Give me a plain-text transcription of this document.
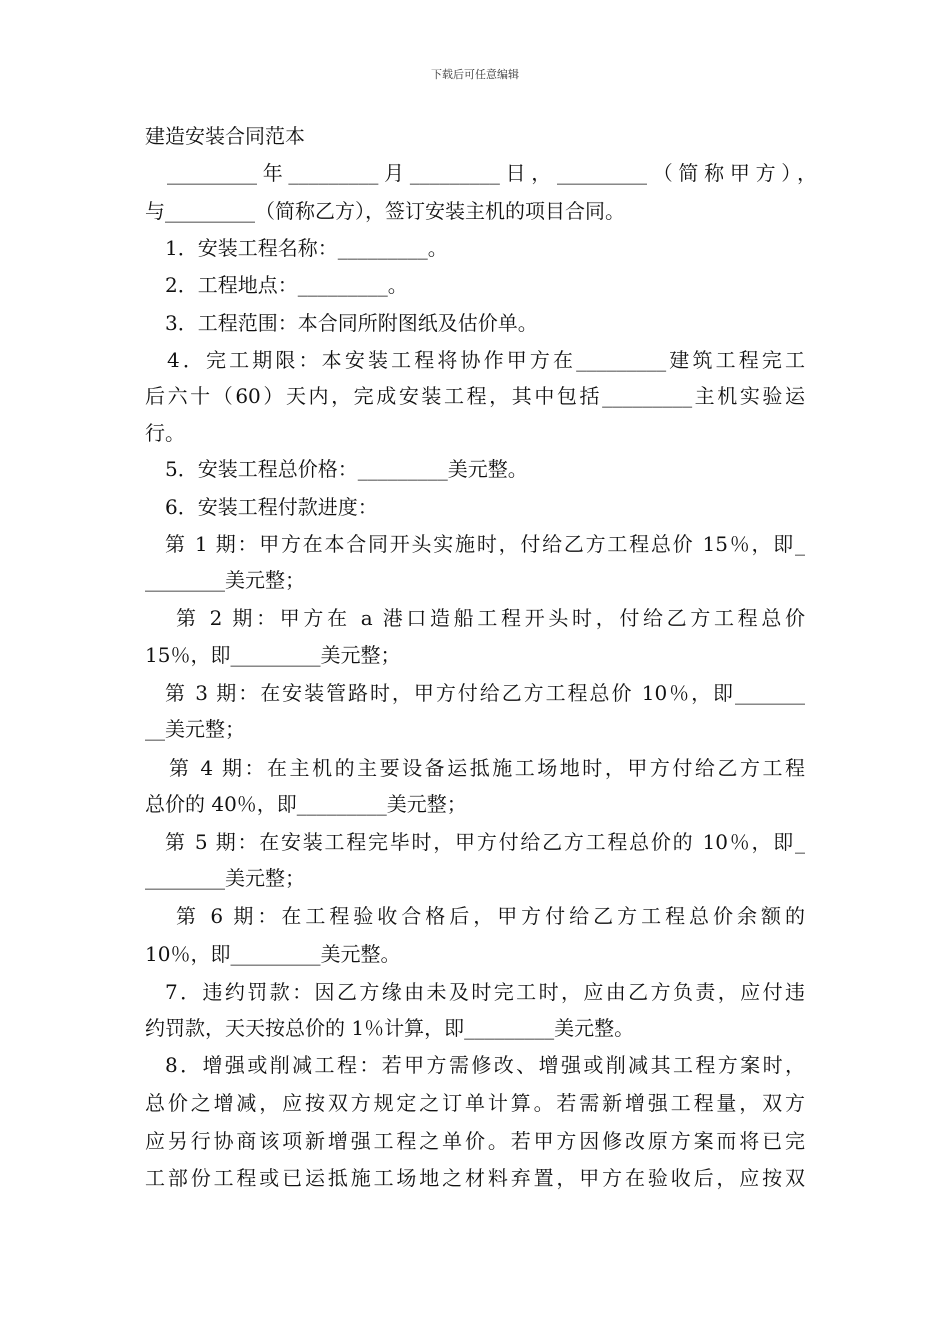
下载后可任意编辑
建造安装合同范本
_________年_________月_________日，_________（简称甲方），
与_________（简称乙方），签订安装主机的项目合同。
1．安装工程名称：_________。
2．工程地点：_________。
3．工程范围：本合同所附图纸及估价单。
4．完工期限：本安装工程将协作甲方在_________建筑工程完工
后六十（60）天内，完成安装工程，其中包括_________主机实验运
行。
5．安装工程总价格：_________美元整。
6．安装工程付款进度：
第 1 期：甲方在本合同开头实施时，付给乙方工程总价 15％，即_
________美元整；
第 2 期：甲方在 a 港口造船工程开头时，付给乙方工程总价
15％，即_________美元整；
第 3 期：在安装管路时，甲方付给乙方工程总价 10％，即_______
__美元整；
第 4 期：在主机的主要设备运抵施工场地时，甲方付给乙方工程
总价的 40％，即_________美元整；
第 5 期：在安装工程完毕时，甲方付给乙方工程总价的 10％，即_
________美元整；
第 6 期：在工程验收合格后，甲方付给乙方工程总价余额的
10％，即_________美元整。
7．违约罚款：因乙方缘由未及时完工时，应由乙方负责，应付违
约罚款，天天按总价的 1％计算，即_________美元整。
8．增强或削减工程：若甲方需修改、增强或削减其工程方案时，
总价之增减，应按双方规定之订单计算。若需新增强工程量，双方
应另行协商该项新增强工程之单价。若甲方因修改原方案而将已完
工部份工程或已运抵施工场地之材料弃置，甲方在验收后，应按双
